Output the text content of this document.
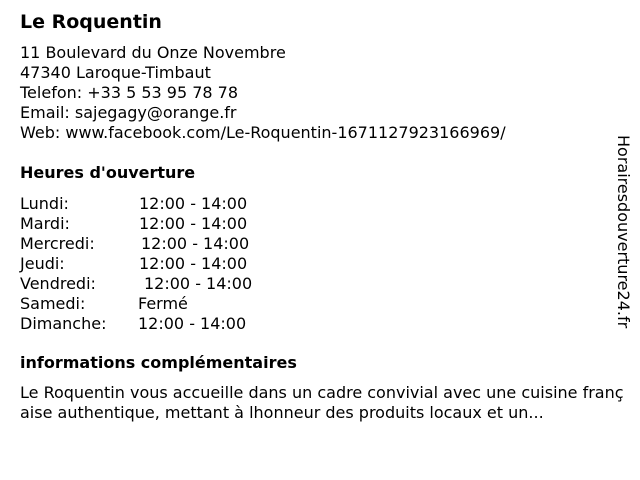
Le Roquentin
11 Boulevard du Onze Novembre
47340 Laroque-Timbaut
Telefon: +33 5 53 95 78 78
Email: sajegagy@orange.fr
Web: www.facebook.com/Le-Roquentin-1671127923166969/
Heures d'ouverture
Lundi:	12:00 - 14:00
Mardi:	12:00 - 14:00
Mercredi:	12:00 - 14:00
Jeudi:	12:00 - 14:00
Vendredi:	12:00 - 14:00
Samedi:	Fermé
Dimanche: 12:00 - 14:00
informations complémentaires
Le Roquentin vous accueille dans un cadre convivial avec une cuisine française authentique, mettant à lhonneur des produits locaux et un...
Horairesdouverture24.fr
